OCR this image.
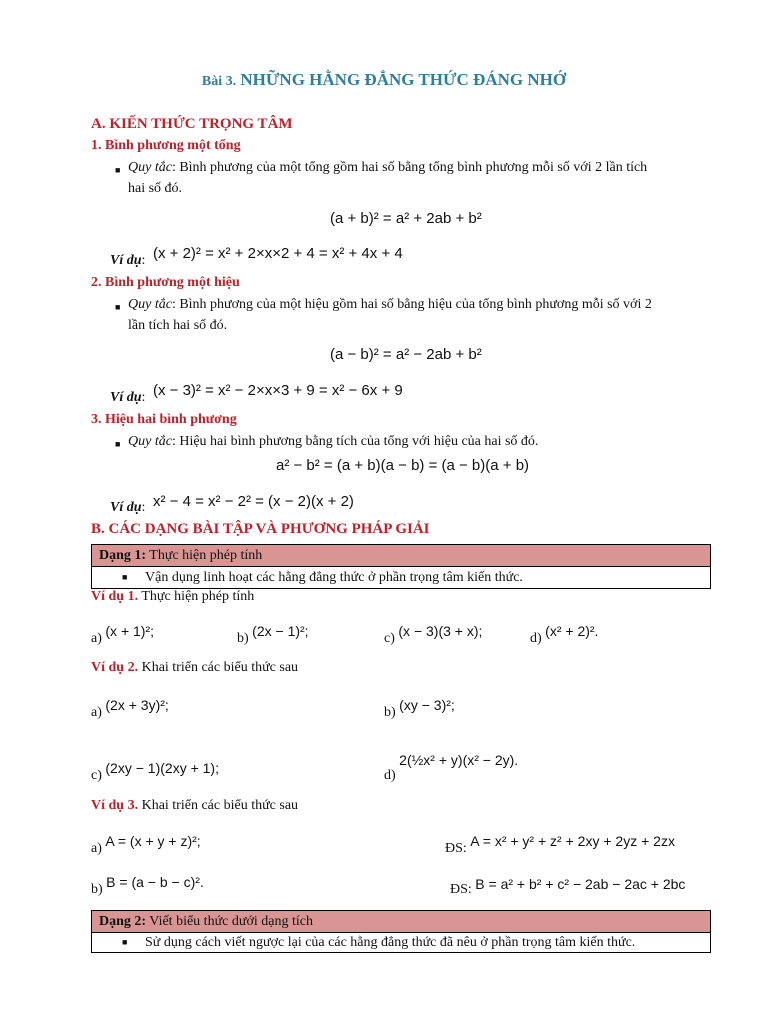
Bài 3. NHỮNG HẰNG ĐẲNG THỨC ĐÁNG NHỚ
A. KIẾN THỨC TRỌNG TÂM
1. Bình phương một tổng
■ Quy tắc: Bình phương của một tổng gồm hai số bằng tổng bình phương mỗi số với 2 lần tích
hai số đó.
(a + b)² = a² + 2ab + b²
Ví dụ: (x + 2)² = x² + 2×x×2 + 4 = x² + 4x + 4
2. Bình phương một hiệu
■ Quy tắc: Bình phương của một hiệu gồm hai số bằng hiệu của tổng bình phương mỗi số với 2
lần tích hai số đó.
(a − b)² = a² − 2ab + b²
Ví dụ: (x − 3)² = x² − 2×x×3 + 9 = x² − 6x + 9
3. Hiệu hai bình phương
■ Quy tắc: Hiệu hai bình phương bằng tích của tổng với hiệu của hai số đó.
a² − b² = (a + b)(a − b) = (a − b)(a + b)
Ví dụ: x² − 4 = x² − 2² = (x − 2)(x + 2)
B. CÁC DẠNG BÀI TẬP VÀ PHƯƠNG PHÁP GIẢI
Dạng 1: Thực hiện phép tính
■ Vận dụng linh hoạt các hằng đẳng thức ở phần trọng tâm kiến thức.
Ví dụ 1. Thực hiện phép tính
a) (x + 1)²;	b) (2x − 1)²;	c) (x − 3)(3 + x);	d) (x² + 2)².
Ví dụ 2. Khai triển các biểu thức sau
a) (2x + 3y)²;	b) (xy − 3)²;
c) (2xy − 1)(2xy + 1);	d) 2(½x² + y)(x² − 2y).
Ví dụ 3. Khai triển các biểu thức sau
a) A = (x + y + z)²;	ĐS: A = x² + y² + z² + 2xy + 2yz + 2zx
b) B = (a − b − c)².	ĐS: B = a² + b² + c² − 2ab − 2ac + 2bc
Dạng 2: Viết biểu thức dưới dạng tích
■ Sử dụng cách viết ngược lại của các hằng đẳng thức đã nêu ở phần trọng tâm kiến thức.
